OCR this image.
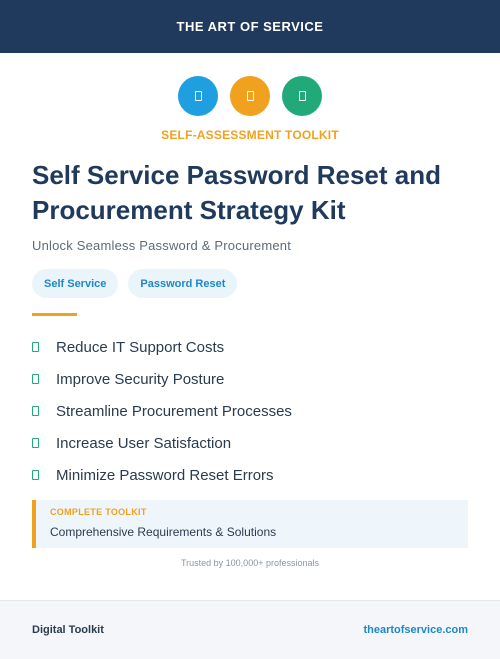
THE ART OF SERVICE
SELF-ASSESSMENT TOOLKIT
Self Service Password Reset and Procurement Strategy Kit
Unlock Seamless Password & Procurement
Self Service	Password Reset
Reduce IT Support Costs
Improve Security Posture
Streamline Procurement Processes
Increase User Satisfaction
Minimize Password Reset Errors
COMPLETE TOOLKIT
Comprehensive Requirements & Solutions
Trusted by 100,000+ professionals
Digital Toolkit	theartofservice.com
